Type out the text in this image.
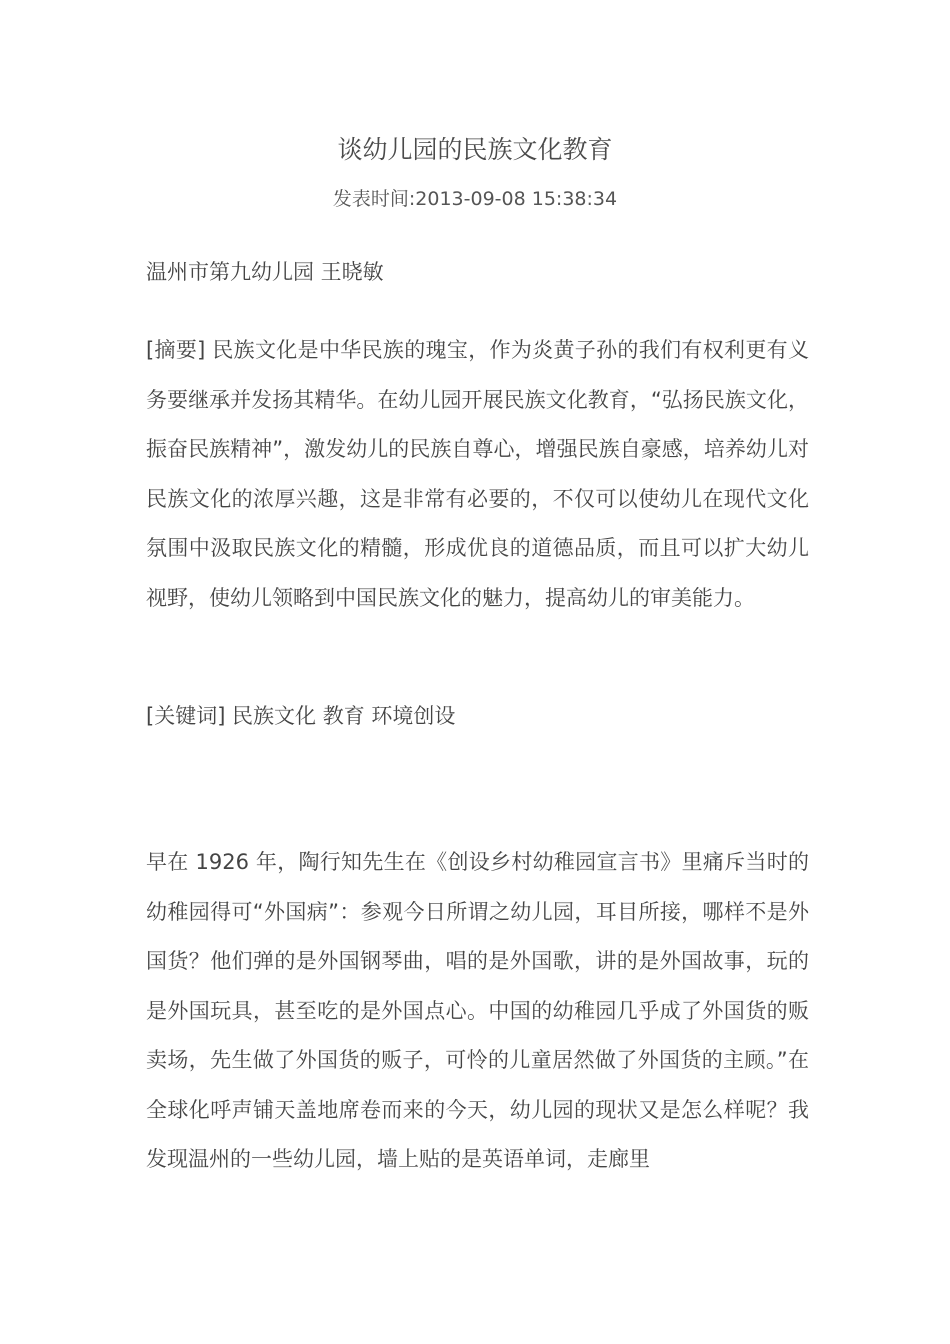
谈幼儿园的民族文化教育
发表时间:2013-09-08 15:38:34
温州市第九幼儿园 王晓敏

[摘要] 民族文化是中华民族的瑰宝，作为炎黄子孙的我们有权利更有义务要继承并发扬其精华。在幼儿园开展民族文化教育，“弘扬民族文化，振奋民族精神”，激发幼儿的民族自尊心，增强民族自豪感，培养幼儿对民族文化的浓厚兴趣，这是非常有必要的，不仅可以使幼儿在现代文化氛围中汲取民族文化的精髓，形成优良的道德品质，而且可以扩大幼儿视野，使幼儿领略到中国民族文化的魅力，提高幼儿的审美能力。

[关键词] 民族文化 教育 环境创设

早在 1926 年，陶行知先生在《创设乡村幼稚园宣言书》里痛斥当时的幼稚园得可“外国病”：参观今日所谓之幼儿园，耳目所接，哪样不是外国货？他们弹的是外国钢琴曲，唱的是外国歌，讲的是外国故事，玩的是外国玩具，甚至吃的是外国点心。中国的幼稚园几乎成了外国货的贩卖场，先生做了外国货的贩子，可怜的儿童居然做了外国货的主顾。”在全球化呼声铺天盖地席卷而来的今天，幼儿园的现状又是怎么样呢？我发现温州的一些幼儿园，墙上贴的是英语单词，走廊里
